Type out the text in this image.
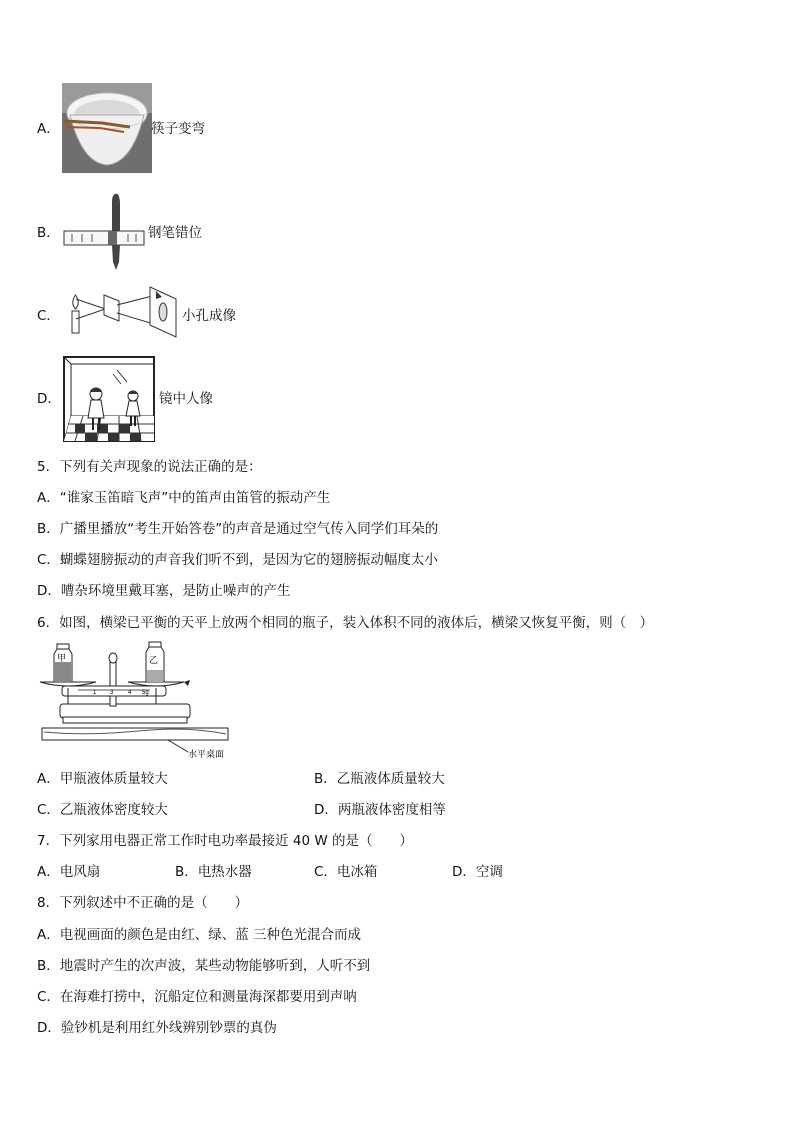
A．	筷子变弯
B．	钢笔错位
C．	小孔成像
D．	镜中人像
5．下列有关声现象的说法正确的是：
A．“谁家玉笛暗飞声”中的笛声由笛管的振动产生
B．广播里播放“考生开始答卷”的声音是通过空气传入同学们耳朵的
C．蝴蝶翅膀振动的声音我们听不到，是因为它的翅膀振动幅度太小
D．嘈杂环境里戴耳塞，是防止噪声的产生
6．如图，横梁已平衡的天平上放两个相同的瓶子，装入体积不同的液体后，横梁又恢复平衡，则（　）
水平桌面
1 3 4 5g
甲	乙
A．甲瓶液体质量较大	B．乙瓶液体质量较大
C．乙瓶液体密度较大	D．两瓶液体密度相等
7．下列家用电器正常工作时电功率最接近 40 W 的是（　　）
A．电风扇	B．电热水器	C．电冰箱	D．空调
8．下列叙述中不正确的是（　　）
A．电视画面的颜色是由红、绿、蓝 三种色光混合而成
B．地震时产生的次声波，某些动物能够听到，人听不到
C．在海难打捞中，沉船定位和测量海深都要用到声呐
D．验钞机是利用红外线辨别钞票的真伪
